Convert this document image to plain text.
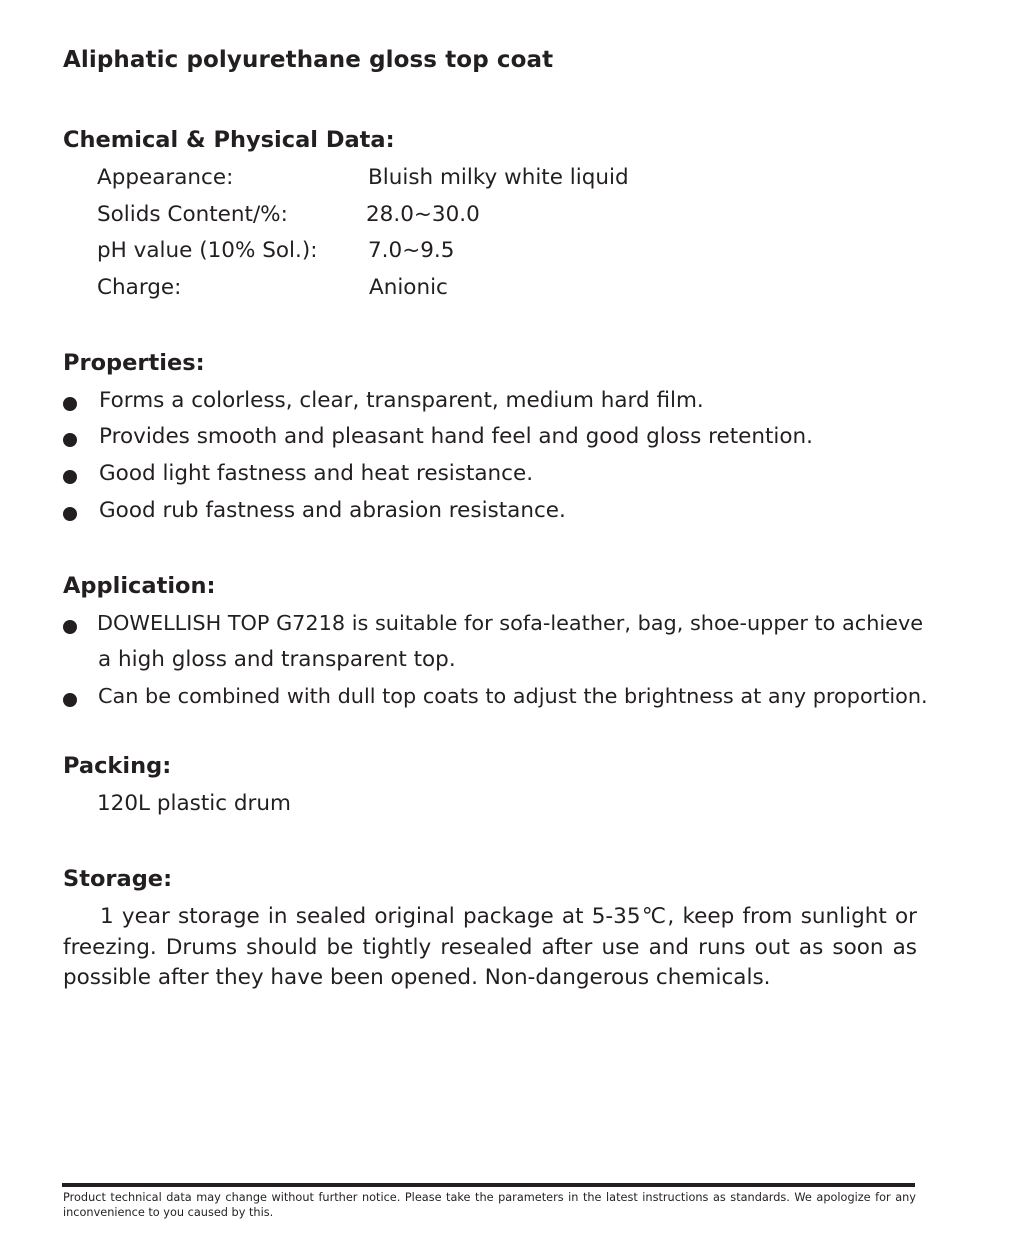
Aliphatic polyurethane gloss top coat
Chemical & Physical Data:
Appearance:	Bluish milky white liquid
Solids Content/%:	28.0~30.0
pH value (10% Sol.): 7.0~9.5
Charge:	Anionic
Properties:
Forms a colorless, clear, transparent, medium hard film.
Provides smooth and pleasant hand feel and good gloss retention.
Good light fastness and heat resistance.
Good rub fastness and abrasion resistance.
Application:
DOWELLISH TOP G7218 is suitable for sofa-leather, bag, shoe-upper to achieve
a high gloss and transparent top.
Can be combined with dull top coats to adjust the brightness at any proportion.
Packing:
120L plastic drum
Storage:

1 year storage in sealed original package at 5-35℃, keep from sunlight or freezing. Drums should be tightly resealed after use and runs out as soon as possible after they have been opened. Non-dangerous chemicals.

Product technical data may change without further notice. Please take the parameters in the latest instructions as standards. We apologize for any inconvenience to you caused by this.
